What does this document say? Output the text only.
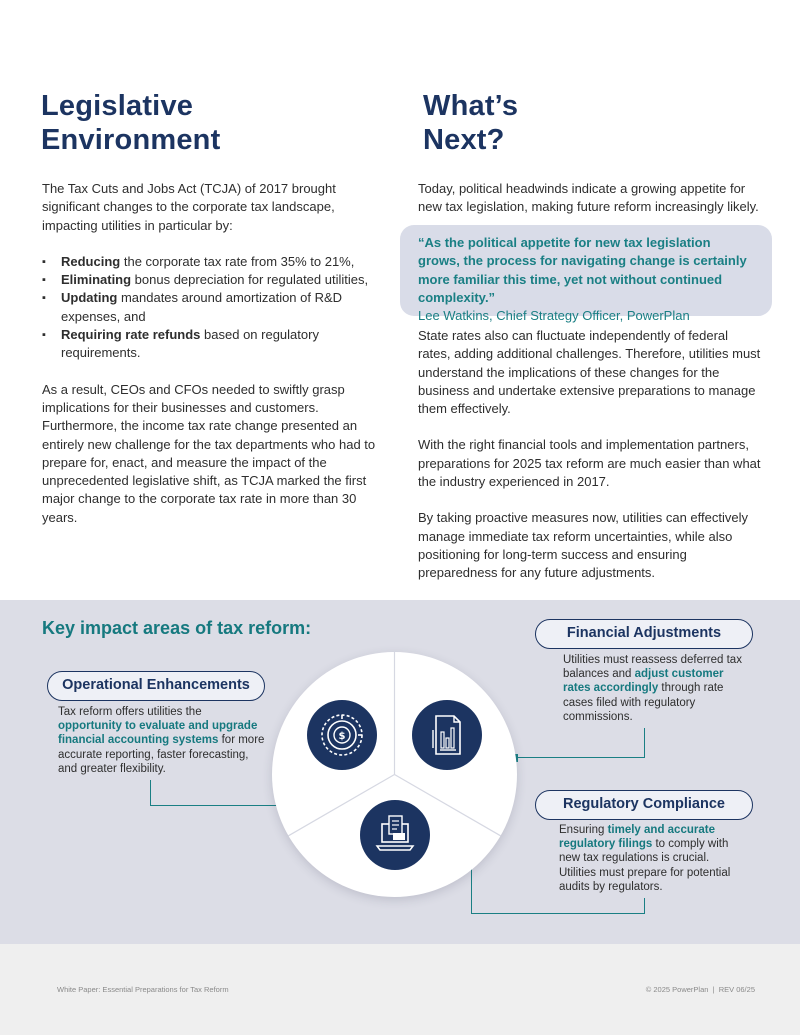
Legislative
Environment

The Tax Cuts and Jobs Act (TCJA) of 2017 brought significant changes to the corporate tax landscape, impacting utilities in particular by:

▪ Reducing the corporate tax rate from 35% to 21%,
▪ Eliminating bonus depreciation for regulated utilities,
▪ Updating mandates around amortization of R&D expenses, and
▪ Requiring rate refunds based on regulatory requirements.

As a result, CEOs and CFOs needed to swiftly grasp implications for their businesses and customers. Furthermore, the income tax rate change presented an entirely new challenge for the tax departments who had to prepare for, enact, and measure the impact of the unprecedented legislative shift, as TCJA marked the first major change to the corporate tax rate in more than 30 years.

What’s
Next?
Today, political headwinds indicate a growing appetite for new tax legislation, making future reform increasingly likely.
“As the political appetite for new tax legislation grows, the process for navigating change is certainly more familiar this time, yet not without continued complexity.”
Lee Watkins, Chief Strategy Officer, PowerPlan

State rates also can fluctuate independently of federal rates, adding additional challenges. Therefore, utilities must understand the implications of these changes for the business and undertake extensive preparations to manage them effectively.

With the right financial tools and implementation partners, preparations for 2025 tax reform are much easier than what the industry experienced in 2017.

By taking proactive measures now, utilities can effectively manage immediate tax reform uncertainties, while also positioning for long-term success and ensuring preparedness for any future adjustments.

Key impact areas of tax reform:
$
Operational Enhancements
Tax reform offers utilities the opportunity to evaluate and upgrade financial accounting systems for more accurate reporting, faster forecasting, and greater flexibility.
Financial Adjustments
Utilities must reassess deferred tax balances and adjust customer rates accordingly through rate cases filed with regulatory commissions.
Regulatory Compliance
Ensuring timely and accurate regulatory filings to comply with new tax regulations is crucial. Utilities must prepare for potential audits by regulators.
White Paper: Essential Preparations for Tax Reform	© 2025 PowerPlan  |  REV 06/25
